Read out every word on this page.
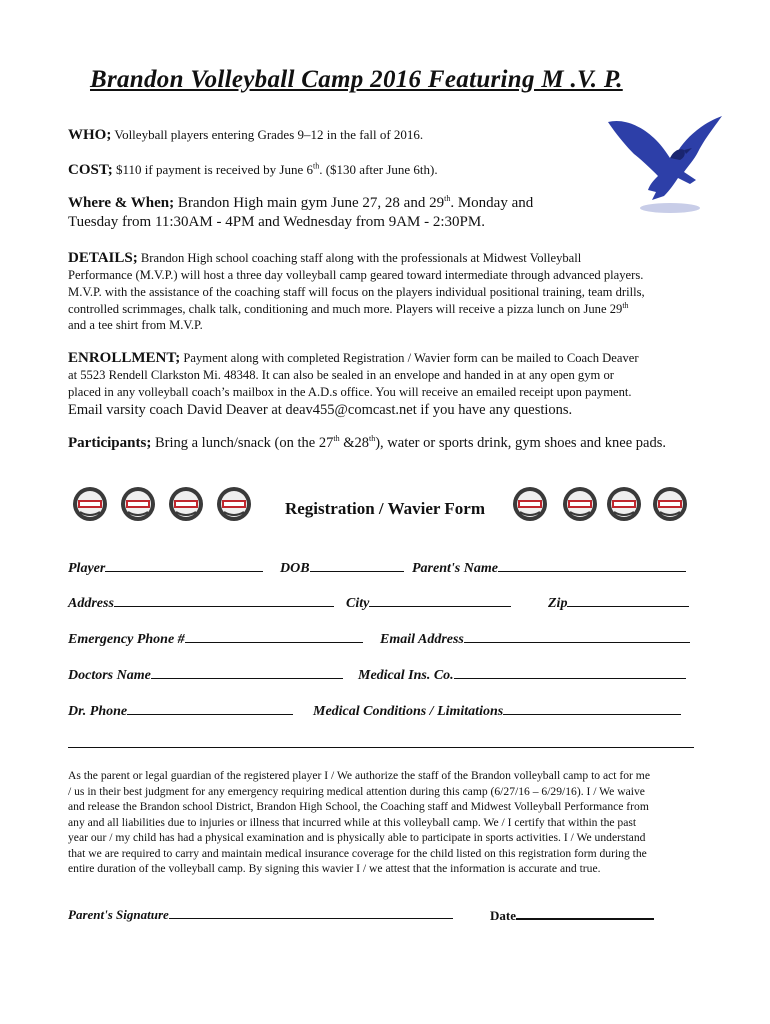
Brandon Volleyball Camp 2016 Featuring M .V. P.
WHO; Volleyball players entering Grades 9–12 in the fall of 2016.
COST; $110 if payment is received by June 6th. ($130 after June 6th).
Where & When; Brandon High main gym June 27, 28 and 29th. Monday and
Tuesday from 11:30AM - 4PM and Wednesday from 9AM - 2:30PM.
DETAILS; Brandon High school coaching staff along with the professionals at Midwest Volleyball
Performance (M.V.P.) will host a three day volleyball camp geared toward intermediate through advanced players.
M.V.P. with the assistance of the coaching staff will focus on the players individual positional training, team drills,
controlled scrimmages, chalk talk, conditioning and much more. Players will receive a pizza lunch on June 29th
and a tee shirt from M.V.P.
ENROLLMENT; Payment along with completed Registration / Wavier form can be mailed to Coach Deaver
at 5523 Rendell Clarkston Mi. 48348. It can also be sealed in an envelope and handed in at any open gym or
placed in any volleyball coach’s mailbox in the A.D.s office. You will receive an emailed receipt upon payment.
Email varsity coach David Deaver at deav455@comcast.net if you have any questions.
Participants; Bring a lunch/snack (on the 27th &28th), water or sports drink, gym shoes and knee pads.
Registration / Wavier Form
Player	DOB	Parent's Name
Address	City	Zip
Emergency Phone #	Email Address
Doctors Name	Medical Ins. Co.
Dr. Phone	Medical Conditions / Limitations
As the parent or legal guardian of the registered player I / We authorize the staff of the Brandon volleyball camp to act for me
/ us in their best judgment for any emergency requiring medical attention during this camp (6/27/16 – 6/29/16). I / We waive
and release the Brandon school District, Brandon High School, the Coaching staff and Midwest Volleyball Performance from
any and all liabilities due to injuries or illness that incurred while at this volleyball camp. We / I certify that within the past
year our / my child has had a physical examination and is physically able to participate in sports activities. I / We understand
that we are required to carry and maintain medical insurance coverage for the child listed on this registration form during the
entire duration of the volleyball camp. By signing this wavier I / we attest that the information is accurate and true.
Parent's Signature	Date
